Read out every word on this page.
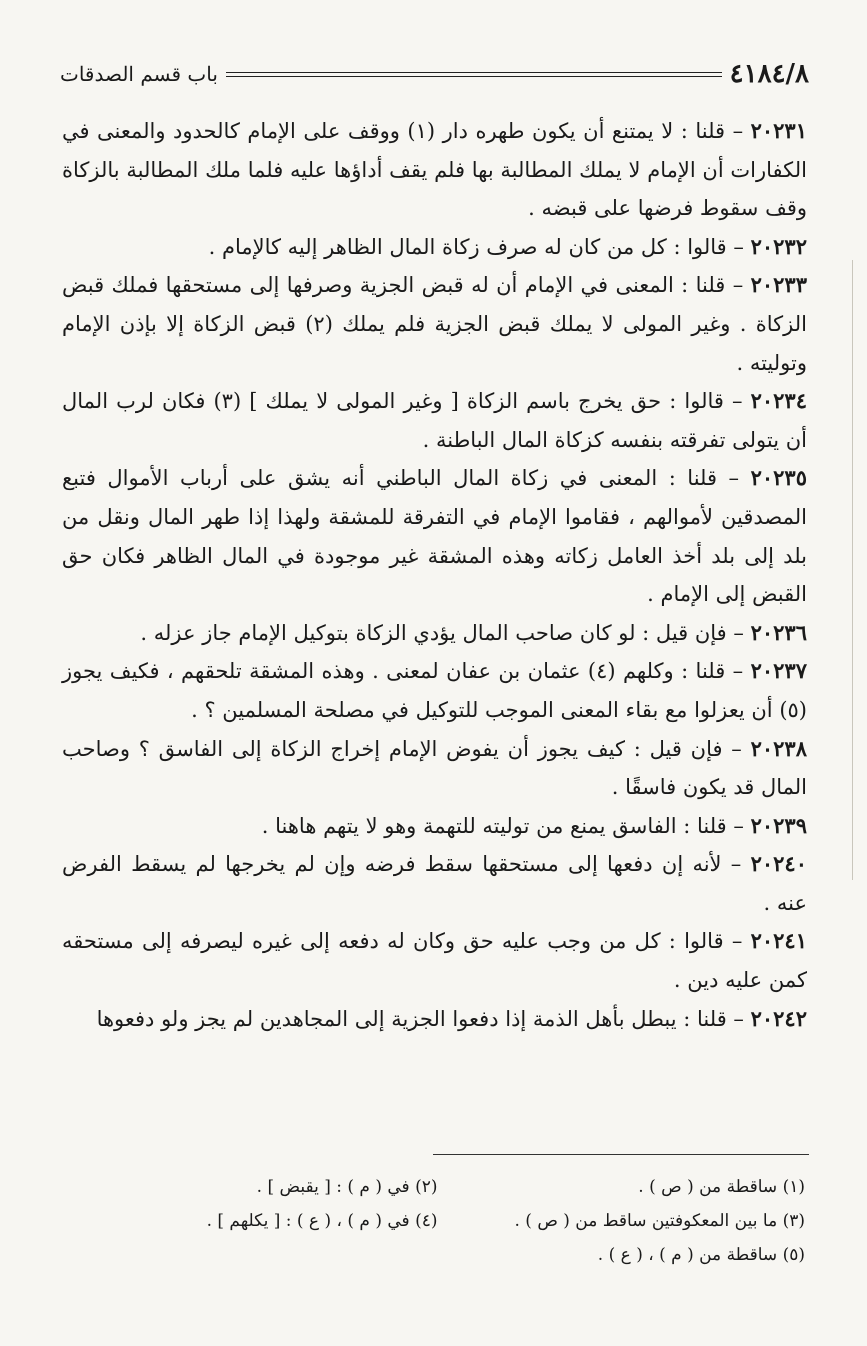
٤١٨٤/٨
باب قسم الصدقات

٢٠٢٣١ – قلنا : لا يمتنع أن يكون طهره دار (١) ووقف على الإمام كالحدود والمعنى في الكفارات أن الإمام لا يملك المطالبة بها فلم يقف أداؤها عليه فلما ملك المطالبة بالزكاة وقف سقوط فرضها على قبضه .

٢٠٢٣٢ – قالوا : كل من كان له صرف زكاة المال الظاهر إليه كالإمام .

٢٠٢٣٣ – قلنا : المعنى في الإمام أن له قبض الجزية وصرفها إلى مستحقها فملك قبض الزكاة . وغير المولى لا يملك قبض الجزية فلم يملك (٢) قبض الزكاة إلا بإذن الإمام وتوليته .

٢٠٢٣٤ – قالوا : حق يخرج باسم الزكاة [ وغير المولى لا يملك ] (٣) فكان لرب المال أن يتولى تفرقته بنفسه كزكاة المال الباطنة .

٢٠٢٣٥ – قلنا : المعنى في زكاة المال الباطني أنه يشق على أرباب الأموال فتبع المصدقين لأموالهم ، فقاموا الإمام في التفرقة للمشقة ولهذا إذا طهر المال ونقل من بلد إلى بلد أخذ العامل زكاته وهذه المشقة غير موجودة في المال الظاهر فكان حق القبض إلى الإمام .

٢٠٢٣٦ – فإن قيل : لو كان صاحب المال يؤدي الزكاة بتوكيل الإمام جاز عزله .

٢٠٢٣٧ – قلنا : وكلهم (٤) عثمان بن عفان لمعنى . وهذه المشقة تلحقهم ، فكيف يجوز (٥) أن يعزلوا مع بقاء المعنى الموجب للتوكيل في مصلحة المسلمين ؟ .

٢٠٢٣٨ – فإن قيل : كيف يجوز أن يفوض الإمام إخراج الزكاة إلى الفاسق ؟ وصاحب المال قد يكون فاسقًا .

٢٠٢٣٩ – قلنا : الفاسق يمنع من توليته للتهمة وهو لا يتهم هاهنا .

٢٠٢٤٠ – لأنه إن دفعها إلى مستحقها سقط فرضه وإن لم يخرجها لم يسقط الفرض عنه .

٢٠٢٤١ – قالوا : كل من وجب عليه حق وكان له دفعه إلى غيره ليصرفه إلى مستحقه كمن عليه دين .

٢٠٢٤٢ – قلنا : يبطل بأهل الذمة إذا دفعوا الجزية إلى المجاهدين لم يجز ولو دفعوها

(١) ساقطة من ( ص ) .
(٢) في ( م ) : [ يقبض ] .
(٣) ما بين المعكوفتين ساقط من ( ص ) .
(٤) في ( م ) ، ( ع ) : [ يكلهم ] .
(٥) ساقطة من ( م ) ، ( ع ) .
